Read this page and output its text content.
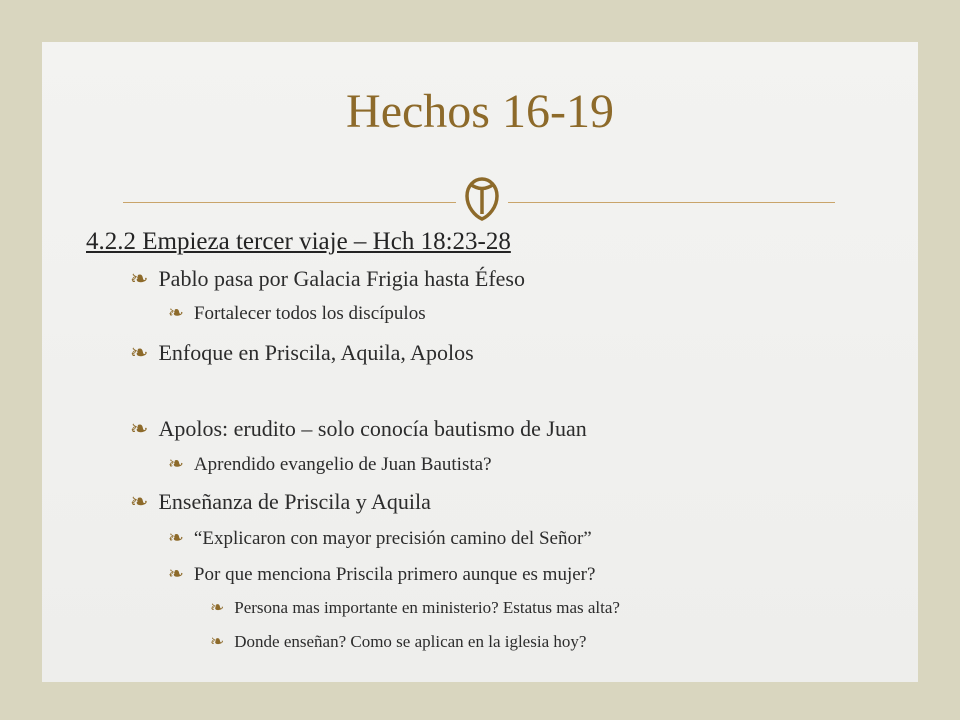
Hechos 16-19
4.2.2 Empieza tercer viaje – Hch 18:23-28
❧ Pablo pasa por Galacia Frigia hasta Éfeso
❧ Fortalecer todos los discípulos
❧ Enfoque en Priscila, Aquila, Apolos
❧ Apolos: erudito – solo conocía bautismo de Juan
❧ Aprendido evangelio de Juan Bautista?
❧ Enseñanza de Priscila y Aquila
❧ “Explicaron con mayor precisión camino del Señor”
❧ Por que menciona Priscila primero aunque es mujer?
❧ Persona mas importante en ministerio? Estatus mas alta?
❧ Donde enseñan? Como se aplican en la iglesia hoy?
